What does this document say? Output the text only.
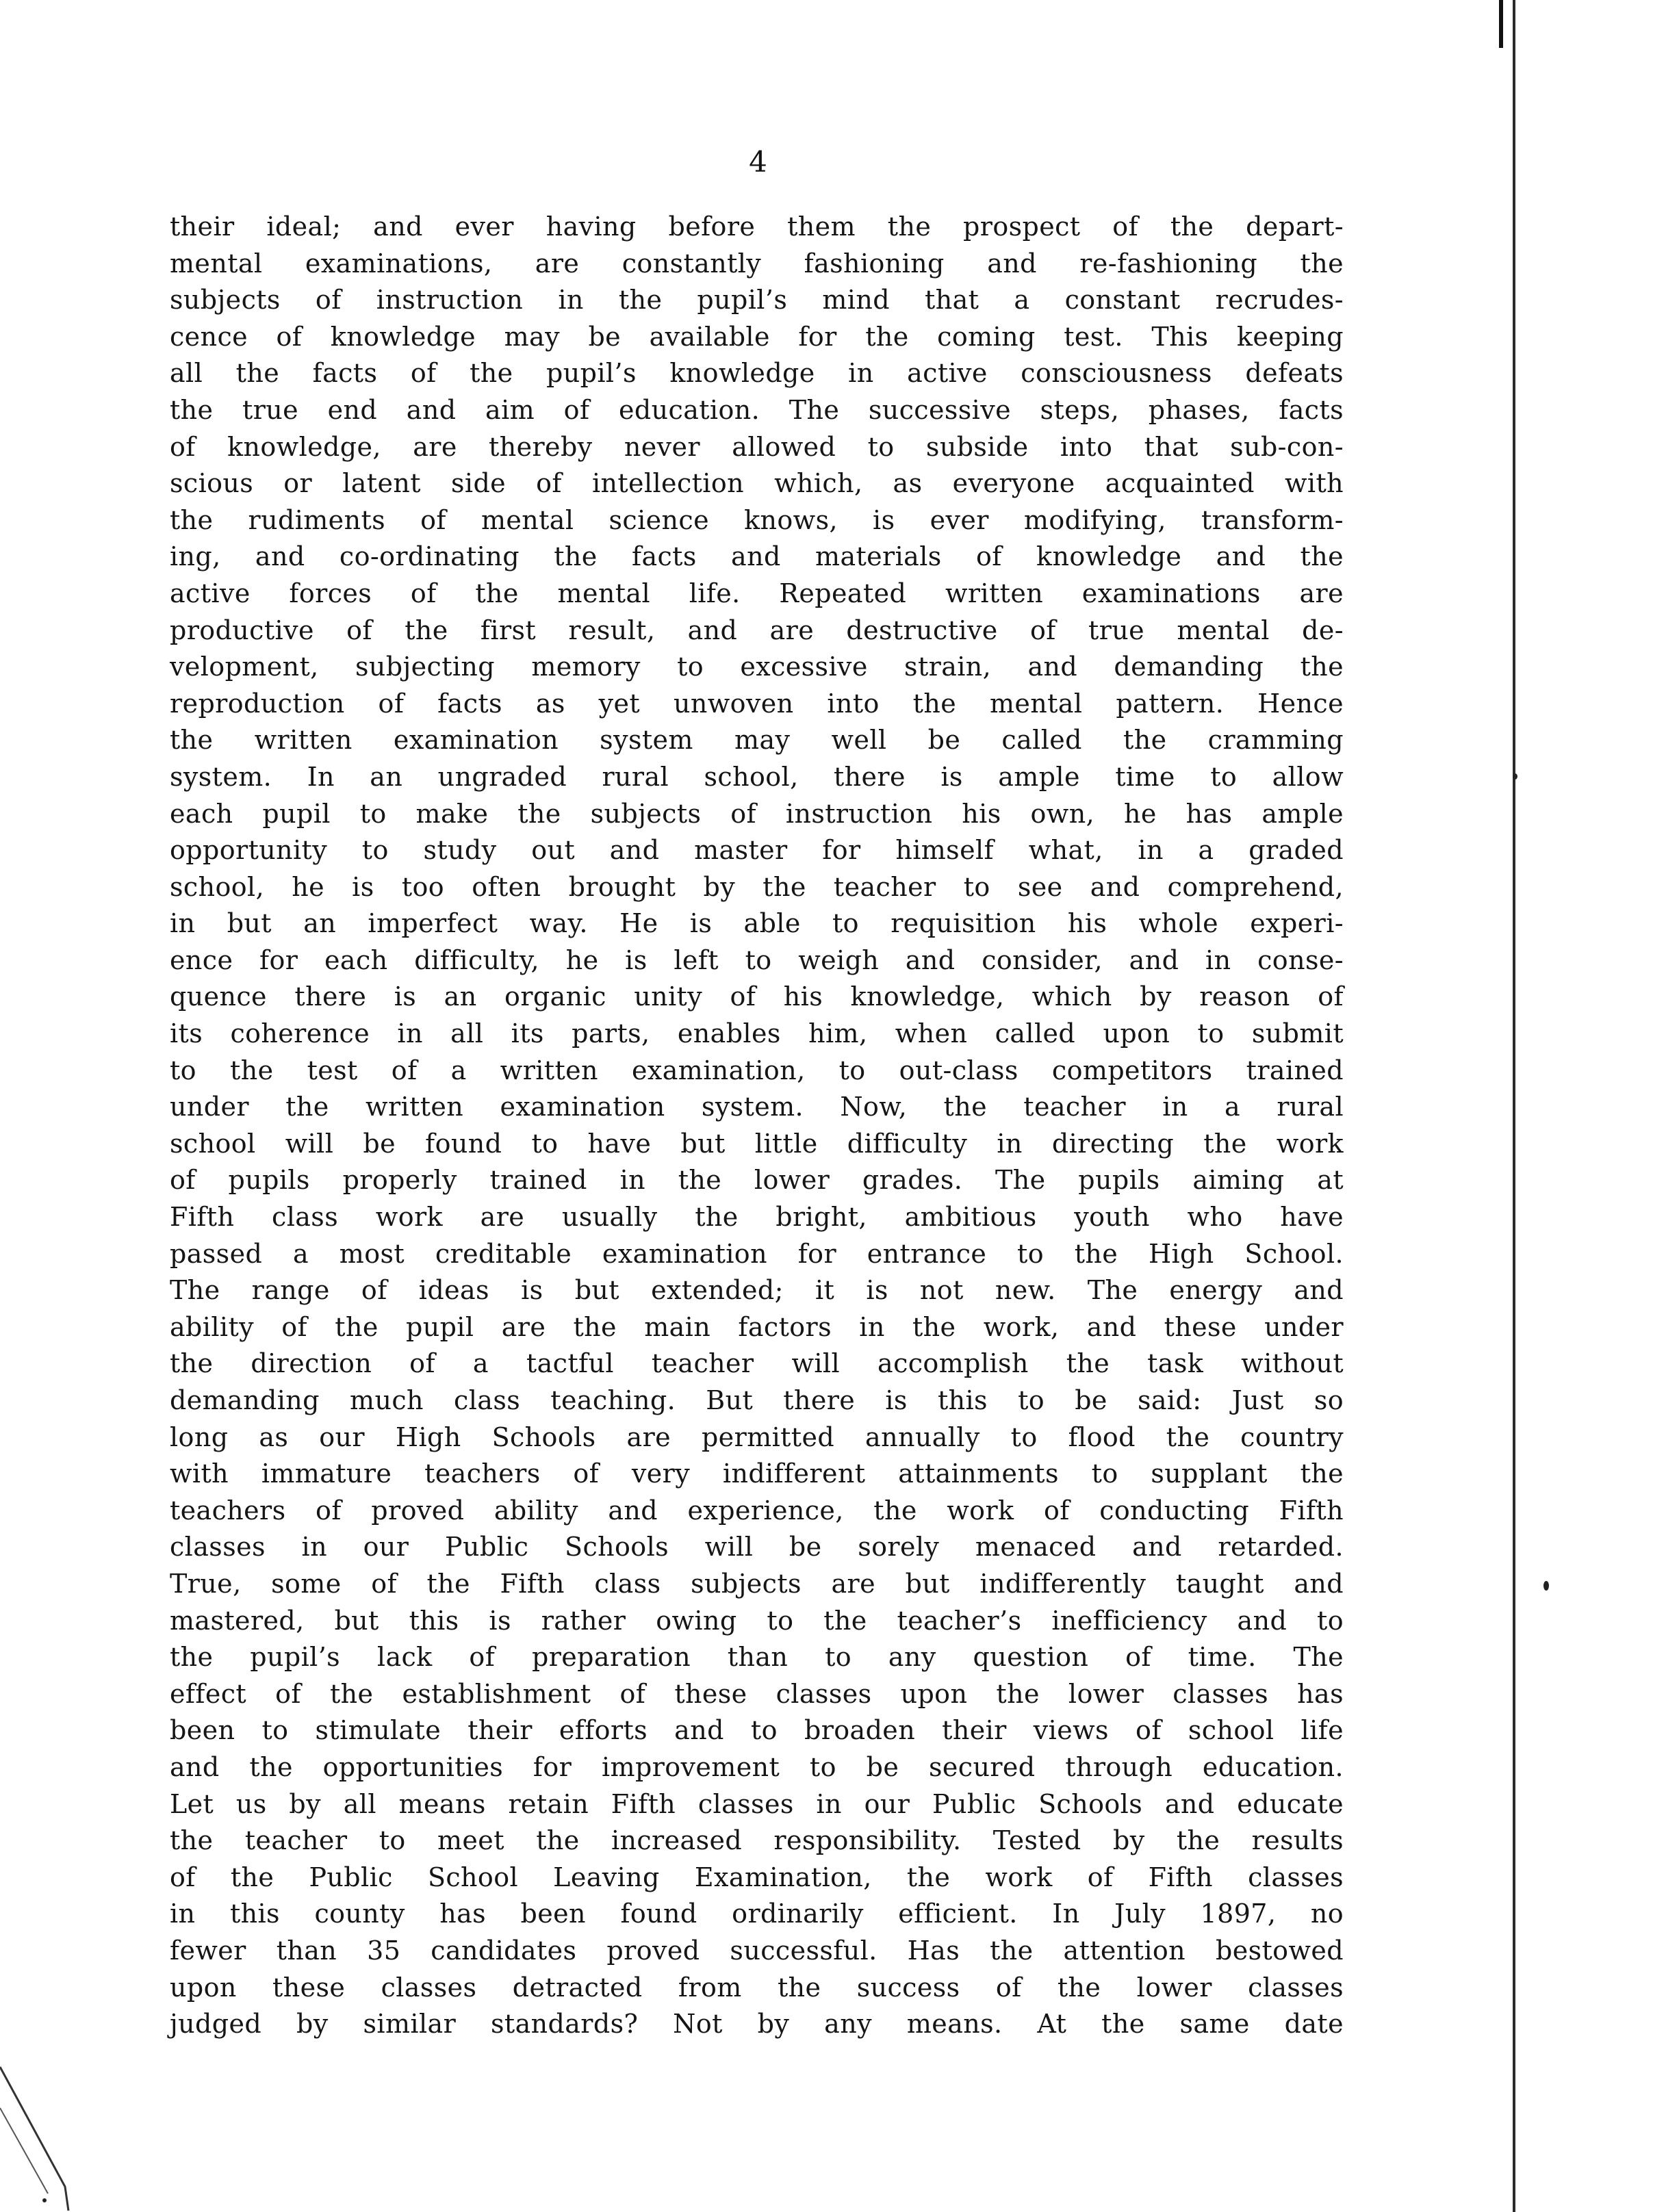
4
their ideal; and ever having before them the prospect of the depart-
mental examinations, are constantly fashioning and re-fashioning the
subjects of instruction in the pupil’s mind that a constant recrudes-
cence of knowledge may be available for the coming test. This keeping
all the facts of the pupil’s knowledge in active consciousness defeats
the true end and aim of education. The successive steps, phases, facts
of knowledge, are thereby never allowed to subside into that sub-con-
scious or latent side of intellection which, as everyone acquainted with
the rudiments of mental science knows, is ever modifying, transform-
ing, and co-ordinating the facts and materials of knowledge and the
active forces of the mental life. Repeated written examinations are
productive of the first result, and are destructive of true mental de-
velopment, subjecting memory to excessive strain, and demanding the
reproduction of facts as yet unwoven into the mental pattern. Hence
the written examination system may well be called the cramming
system. In an ungraded rural school, there is ample time to allow
each pupil to make the subjects of instruction his own, he has ample
opportunity to study out and master for himself what, in a graded
school, he is too often brought by the teacher to see and comprehend,
in but an imperfect way. He is able to requisition his whole experi-
ence for each difficulty, he is left to weigh and consider, and in conse-
quence there is an organic unity of his knowledge, which by reason of
its coherence in all its parts, enables him, when called upon to submit
to the test of a written examination, to out-class competitors trained
under the written examination system. Now, the teacher in a rural
school will be found to have but little difficulty in directing the work
of pupils properly trained in the lower grades. The pupils aiming at
Fifth class work are usually the bright, ambitious youth who have
passed a most creditable examination for entrance to the High School.
The range of ideas is but extended; it is not new. The energy and
ability of the pupil are the main factors in the work, and these under
the direction of a tactful teacher will accomplish the task without
demanding much class teaching. But there is this to be said: Just so
long as our High Schools are permitted annually to flood the country
with immature teachers of very indifferent attainments to supplant the
teachers of proved ability and experience, the work of conducting Fifth
classes in our Public Schools will be sorely menaced and retarded.
True, some of the Fifth class subjects are but indifferently taught and
mastered, but this is rather owing to the teacher’s inefficiency and to
the pupil’s lack of preparation than to any question of time. The
effect of the establishment of these classes upon the lower classes has
been to stimulate their efforts and to broaden their views of school life
and the opportunities for improvement to be secured through education.
Let us by all means retain Fifth classes in our Public Schools and educate
the teacher to meet the increased responsibility. Tested by the results
of the Public School Leaving Examination, the work of Fifth classes
in this county has been found ordinarily efficient. In July 1897, no
fewer than 35 candidates proved successful. Has the attention bestowed
upon these classes detracted from the success of the lower classes
judged by similar standards? Not by any means. At the same date
